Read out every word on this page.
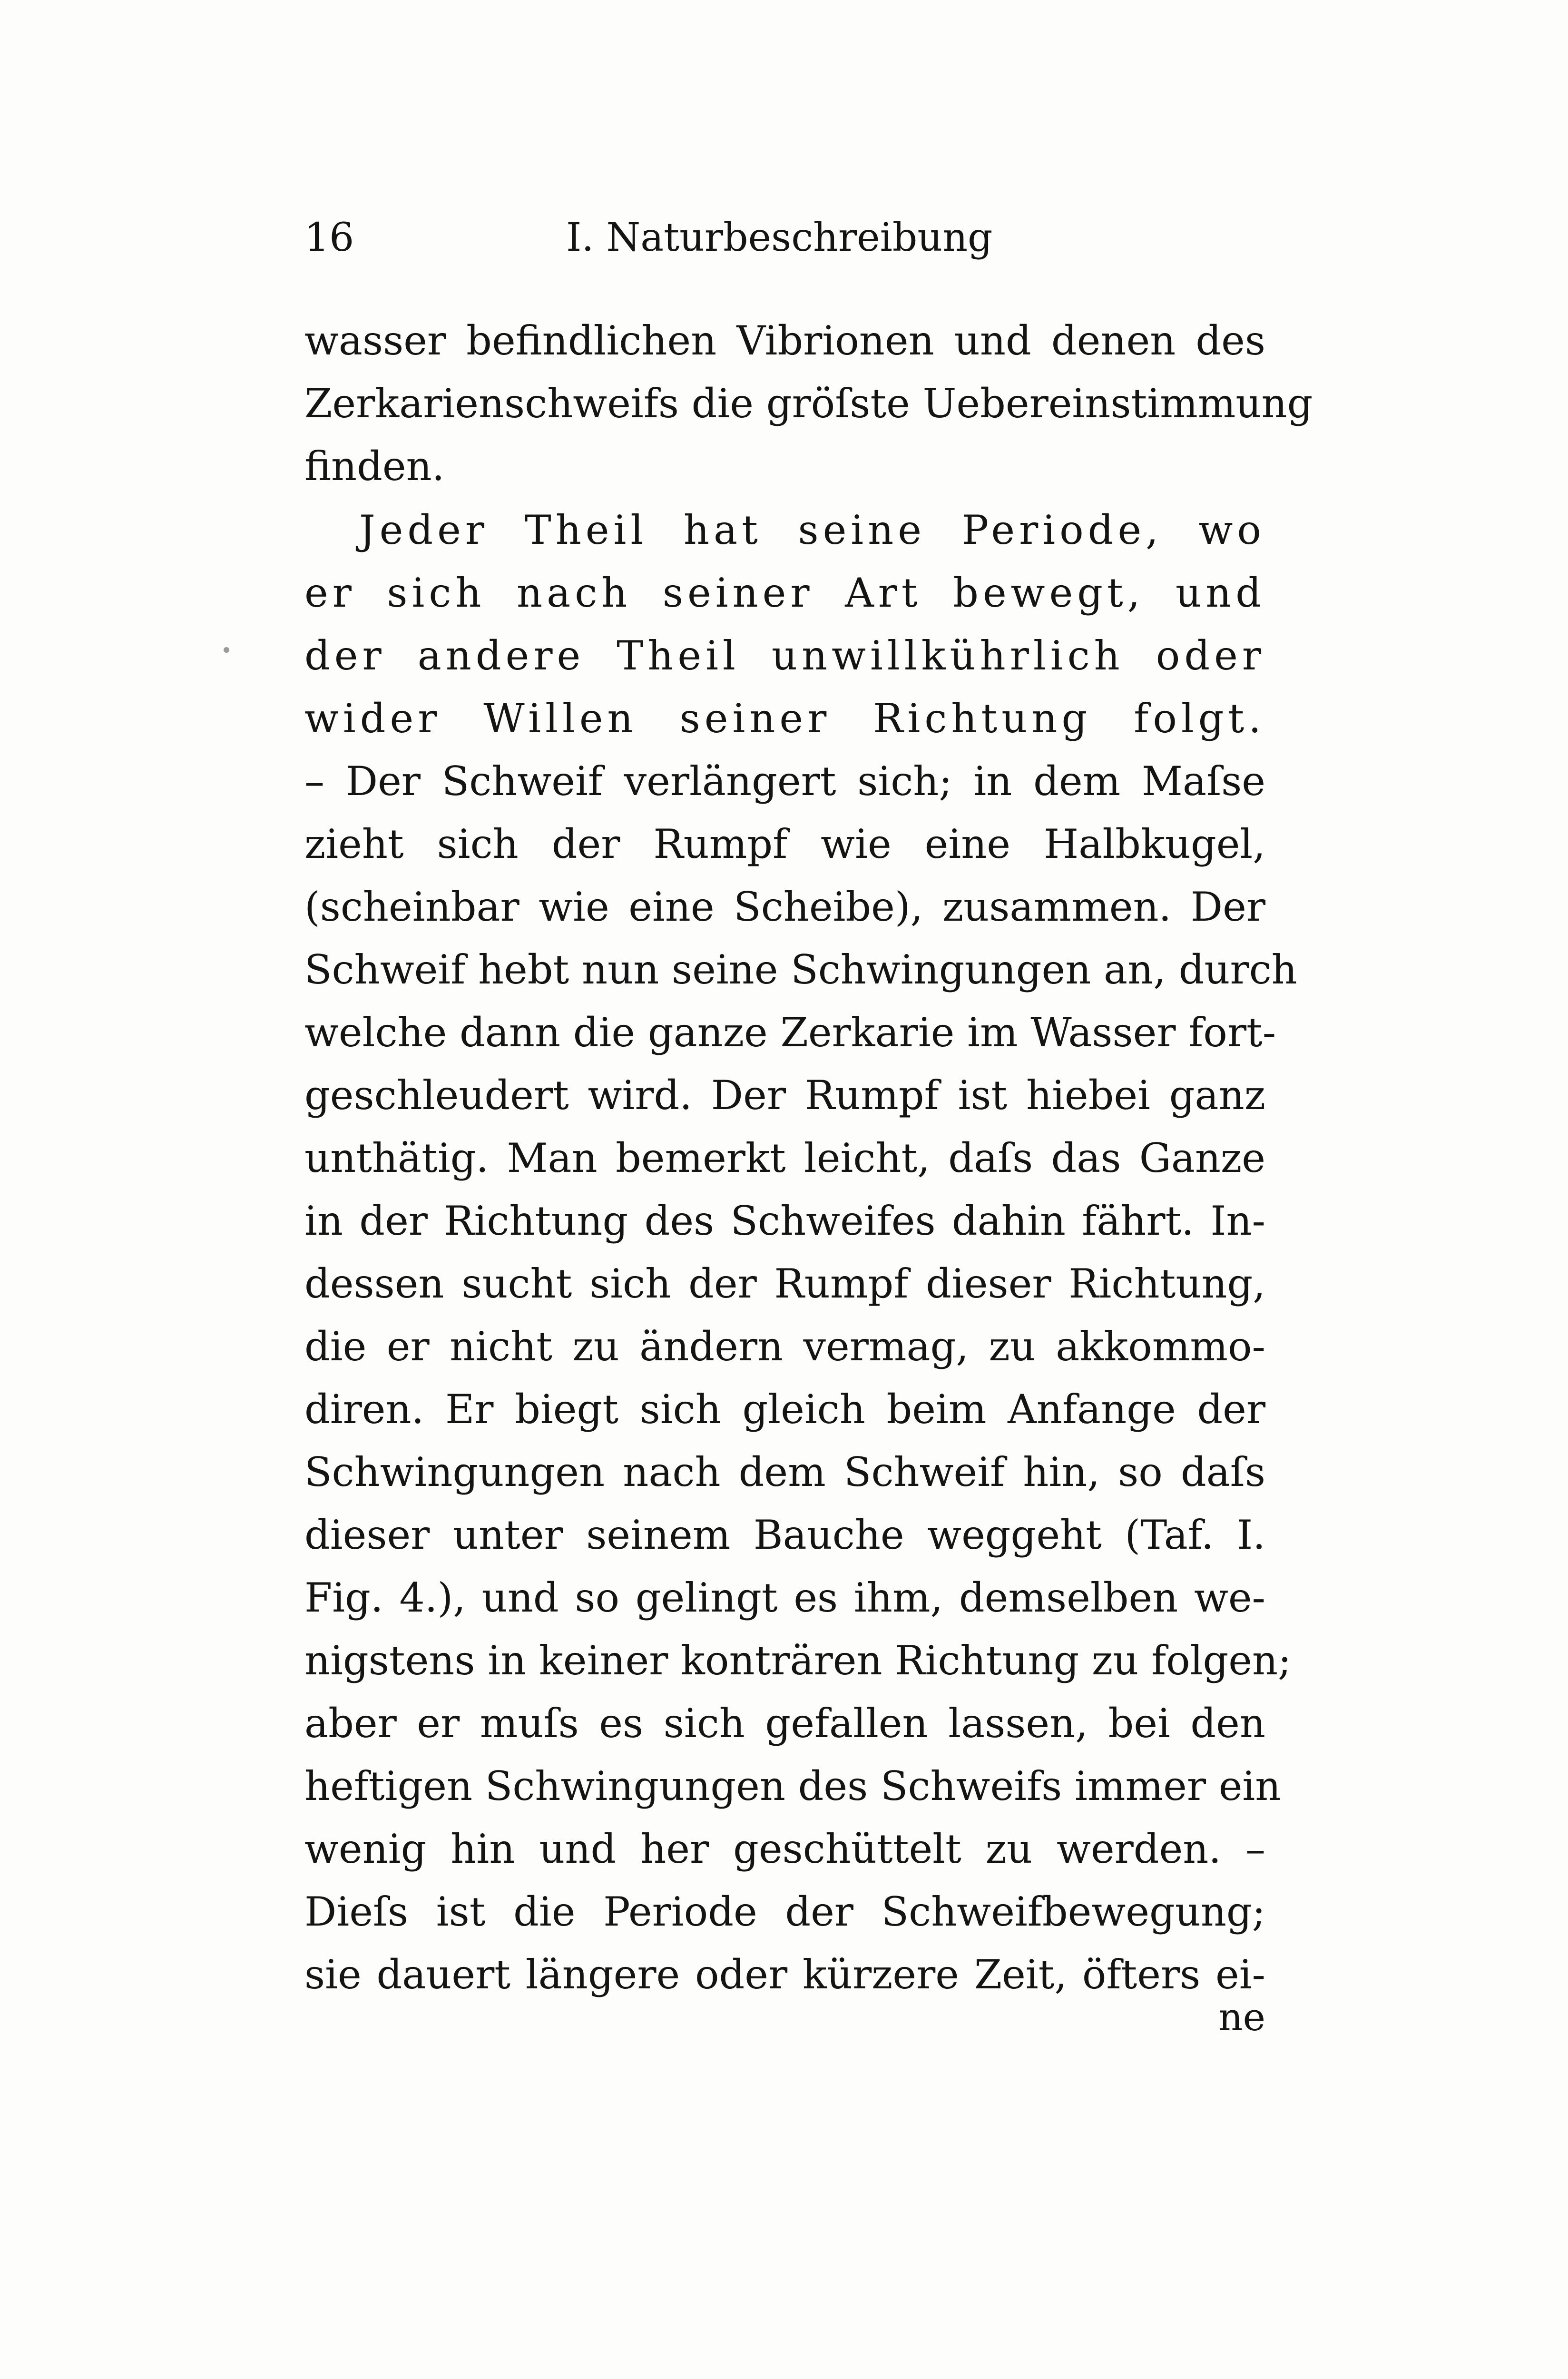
16	I. Naturbeschreibung
wasser befindlichen Vibrionen und denen des
Zerkarienschweifs die gröſste Uebereinstimmung
finden.
Jeder Theil hat seine Periode, wo
er sich nach seiner Art bewegt, und
der andere Theil unwillkührlich oder
wider Willen seiner Richtung folgt.
– Der Schweif verlängert sich; in dem Maſse
zieht sich der Rumpf wie eine Halbkugel,
(scheinbar wie eine Scheibe), zusammen. Der
Schweif hebt nun seine Schwingungen an, durch
welche dann die ganze Zerkarie im Wasser fort-
geschleudert wird. Der Rumpf ist hiebei ganz
unthätig. Man bemerkt leicht, daſs das Ganze
in der Richtung des Schweifes dahin fährt. In-
dessen sucht sich der Rumpf dieser Richtung,
die er nicht zu ändern vermag, zu akkommo-
diren. Er biegt sich gleich beim Anfange der
Schwingungen nach dem Schweif hin, so daſs
dieser unter seinem Bauche weggeht (Taf. I.
Fig. 4.), und so gelingt es ihm, demselben we-
nigstens in keiner konträren Richtung zu folgen;
aber er muſs es sich gefallen lassen, bei den
heftigen Schwingungen des Schweifs immer ein
wenig hin und her geschüttelt zu werden. –
Dieſs ist die Periode der Schweifbewegung;
sie dauert längere oder kürzere Zeit, öfters ei-
ne
